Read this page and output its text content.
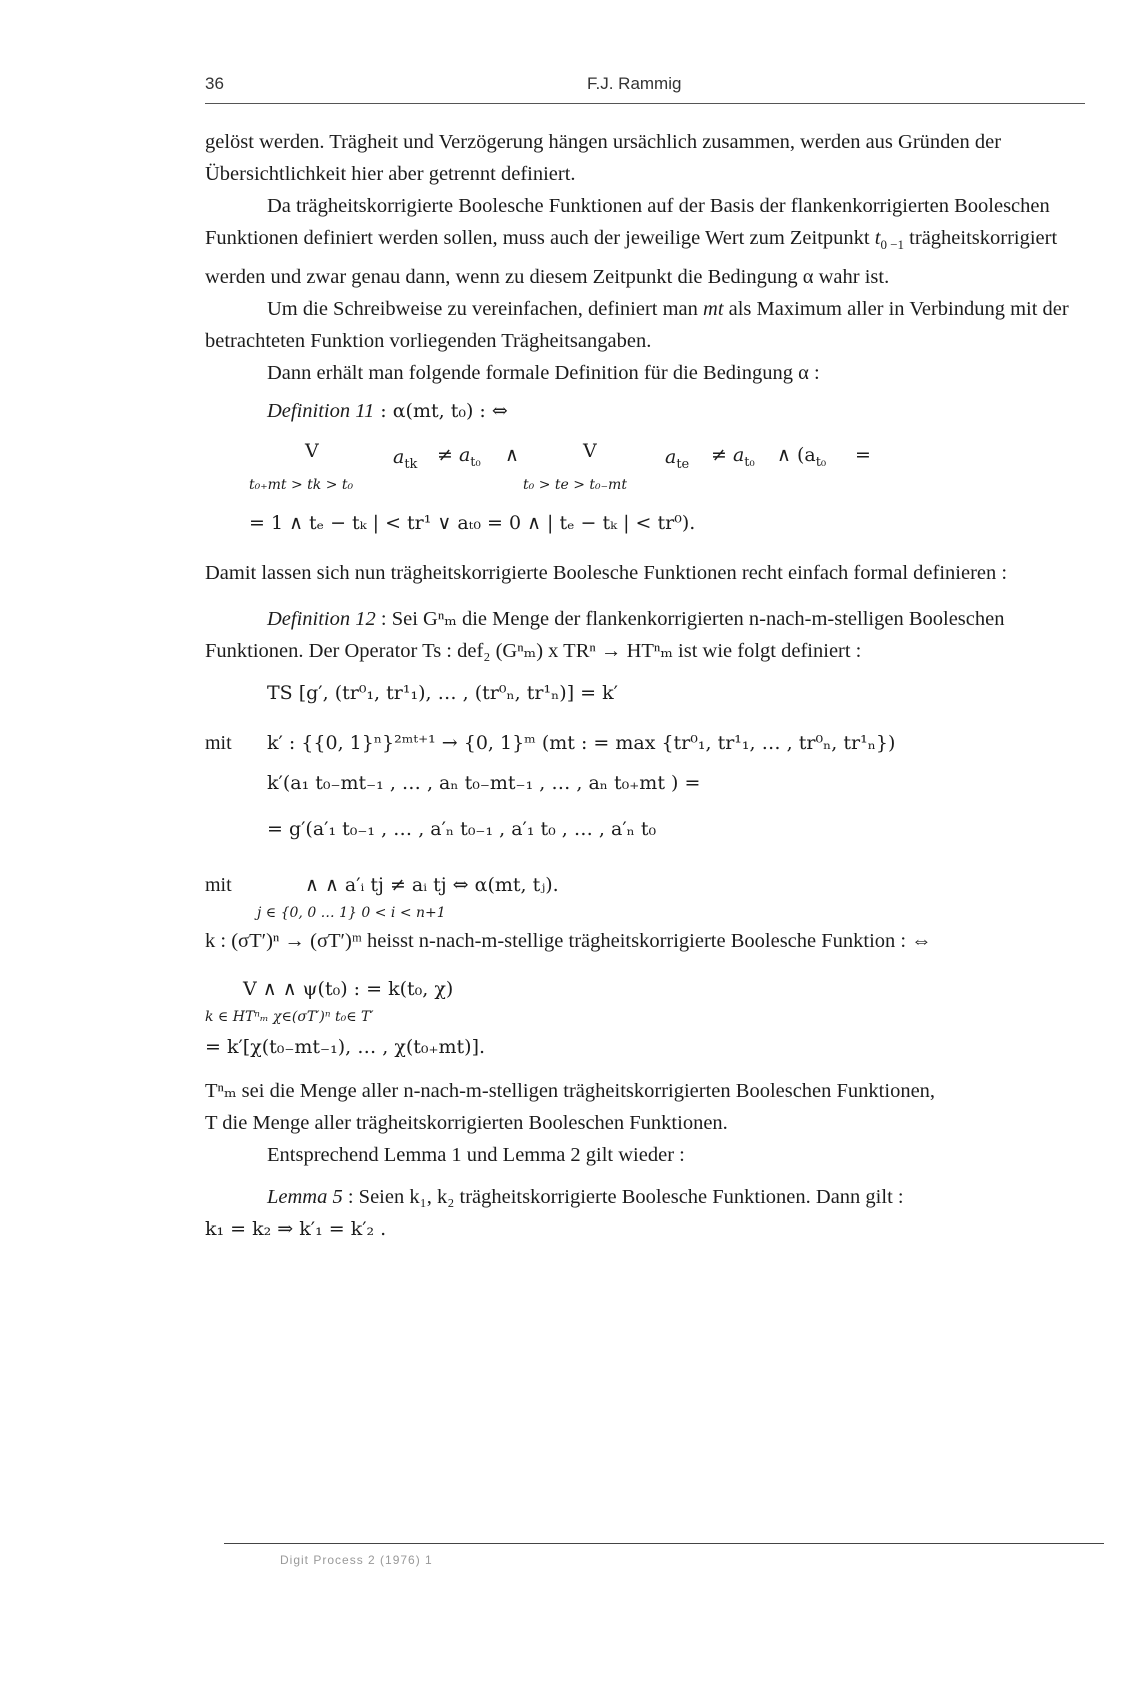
36	F.J. Rammig

gelöst werden. Trägheit und Verzögerung hängen ursächlich zusammen, werden aus Gründen der Übersichtlichkeit hier aber getrennt definiert.

Da trägheitskorrigierte Boolesche Funktionen auf der Basis der flankenkorrigierten Booleschen Funktionen definiert werden sollen, muss auch der jeweilige Wert zum Zeitpunkt $t_{0 -1}$ trägheitskorrigiert werden und zwar genau dann, wenn zu diesem Zeitpunkt die Bedingung α wahr ist.

Um die Schreibweise zu vereinfachen, definiert man mt als Maximum aller in Verbindung mit der betrachteten Funktion vorliegenden Trägheitsangaben.

Dann erhält man folgende formale Definition für die Bedingung α :

Definition 11 : α(mt, t₀) : ⇔

V	$a_{tk} \ne a_{t_0}$ ∧	V	$a_{te} \ne a_{t_0}$ ∧ ($a_{t_0}$ =
t₀₊mt > tk > t₀	t₀ > te > t₀₋mt
= 1 ∧ tₑ − tₖ | < tr¹ ∨ aₜ₀ = 0 ∧ | tₑ − tₖ | < tr⁰).

Damit lassen sich nun trägheitskorrigierte Boolesche Funktionen recht einfach formal definieren :

Definition 12 : Sei Gⁿₘ die Menge der flankenkorrigierten n-nach-m-stelligen Booleschen Funktionen. Der Operator Ts : def₂ (Gⁿₘ) x TRⁿ → HTⁿₘ ist wie folgt definiert :

TS [g′, (tr⁰₁, tr¹₁), … , (tr⁰ₙ, tr¹ₙ)] = k′
mit k′ : {{0, 1}ⁿ}²ᵐᵗ⁺¹ → {0, 1}ᵐ (mt : = max {tr⁰₁, tr¹₁, … , tr⁰ₙ, tr¹ₙ})
k′(a₁ t₀₋mt₋₁ , … , aₙ t₀₋mt₋₁ , … , aₙ t₀₊mt ) =
= g′(a′₁ t₀₋₁ , … , a′ₙ t₀₋₁ , a′₁ t₀ , … , a′ₙ t₀
mit	∧ ∧ a′ᵢ tj ≠ aᵢ tj ⇔ α(mt, tⱼ).
j ∈ {0, 0 … 1} 0 < i < n+1

k : (σT′)ⁿ → (σT′)ᵐ heisst n-nach-m-stellige trägheitskorrigierte Boolesche Funktion : ⇔

V ∧ ∧ ψ(t₀) : = k(t₀, χ)
k ∈ HTⁿₘ χ∈(σT′)ⁿ t₀∈ T′
= k′[χ(t₀₋mt₋₁), … , χ(t₀₊mt)].

Tⁿₘ sei die Menge aller n-nach-m-stelligen trägheitskorrigierten Booleschen Funktionen,

T die Menge aller trägheitskorrigierten Booleschen Funktionen.

Entsprechend Lemma 1 und Lemma 2 gilt wieder :

Lemma 5 : Seien k₁, k₂ trägheitskorrigierte Boolesche Funktionen. Dann gilt :

k₁ = k₂ ⇒ k′₁ = k′₂ .

Digit Process 2 (1976) 1
